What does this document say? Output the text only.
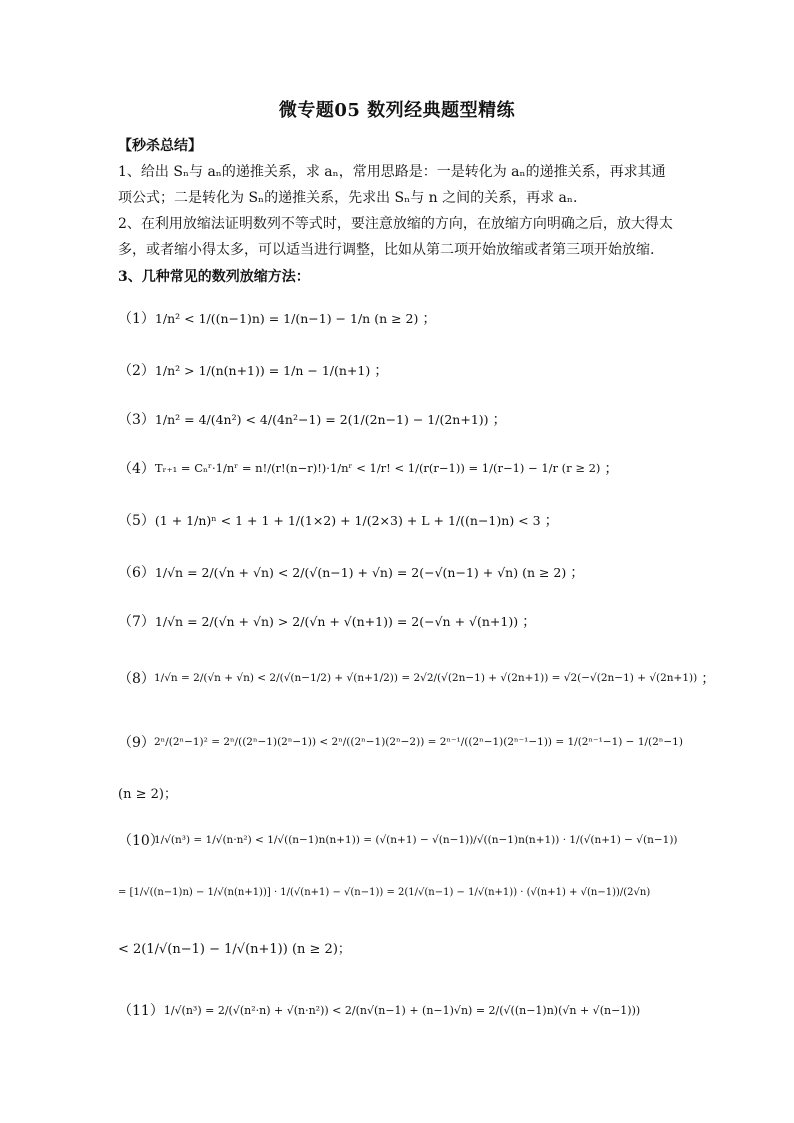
微专题05 数列经典题型精练
【秒杀总结】
1、给出 Sₙ与 aₙ的递推关系，求 aₙ，常用思路是：一是转化为 aₙ的递推关系，再求其通项公式；二是转化为 Sₙ的递推关系，先求出 Sₙ与 n 之间的关系，再求 aₙ.
2、在利用放缩法证明数列不等式时，要注意放缩的方向，在放缩方向明确之后，放大得太多，或者缩小得太多，可以适当进行调整，比如从第二项开始放缩或者第三项开始放缩.
3、几种常见的数列放缩方法：
（1） 1/n² < 1/((n−1)n) = 1/(n−1) − 1/n (n ≥ 2) ；
（2） 1/n² > 1/(n(n+1)) = 1/n − 1/(n+1) ；
（3） 1/n² = 4/(4n²) < 4/(4n²−1) = 2(1/(2n−1) − 1/(2n+1)) ；
（4） Tᵣ₊₁ = Cₙʳ·1/nʳ = n!/(r!(n−r)!)·1/nʳ < 1/r! < 1/(r(r−1)) = 1/(r−1) − 1/r (r ≥ 2) ；
（5） (1 + 1/n)ⁿ < 1 + 1 + 1/(1×2) + 1/(2×3) + L + 1/((n−1)n) < 3 ；
（6） 1/√n = 2/(√n + √n) < 2/(√(n−1) + √n) = 2(−√(n−1) + √n) (n ≥ 2) ；
（7） 1/√n = 2/(√n + √n) > 2/(√n + √(n+1)) = 2(−√n + √(n+1)) ；
（8） 1/√n = 2/(√n + √n) < 2/(√(n−1/2) + √(n+1/2)) = 2√2/(√(2n−1) + √(2n+1)) = √2(−√(2n−1) + √(2n+1)) ；
（9） 2ⁿ/(2ⁿ−1)² = 2ⁿ/((2ⁿ−1)(2ⁿ−1)) < 2ⁿ/((2ⁿ−1)(2ⁿ−2)) = 2ⁿ⁻¹/((2ⁿ−1)(2ⁿ⁻¹−1)) = 1/(2ⁿ⁻¹−1) − 1/(2ⁿ−1)
(n ≥ 2)；
（10）
1/√(n³) = 1/√(n·n²) < 1/√((n−1)n(n+1)) = (√(n+1) − √(n−1))/√((n−1)n(n+1)) · 1/(√(n+1) − √(n−1))
= [1/√((n−1)n) − 1/√(n(n+1))] · 1/(√(n+1) − √(n−1)) = 2(1/√(n−1) − 1/√(n+1)) · (√(n+1) + √(n−1))/(2√n)
< 2(1/√(n−1) − 1/√(n+1)) (n ≥ 2)；
（11） 1/√(n³) = 2/(√(n²·n) + √(n·n²)) < 2/(n√(n−1) + (n−1)√n) = 2/(√((n−1)n)(√n + √(n−1)))
